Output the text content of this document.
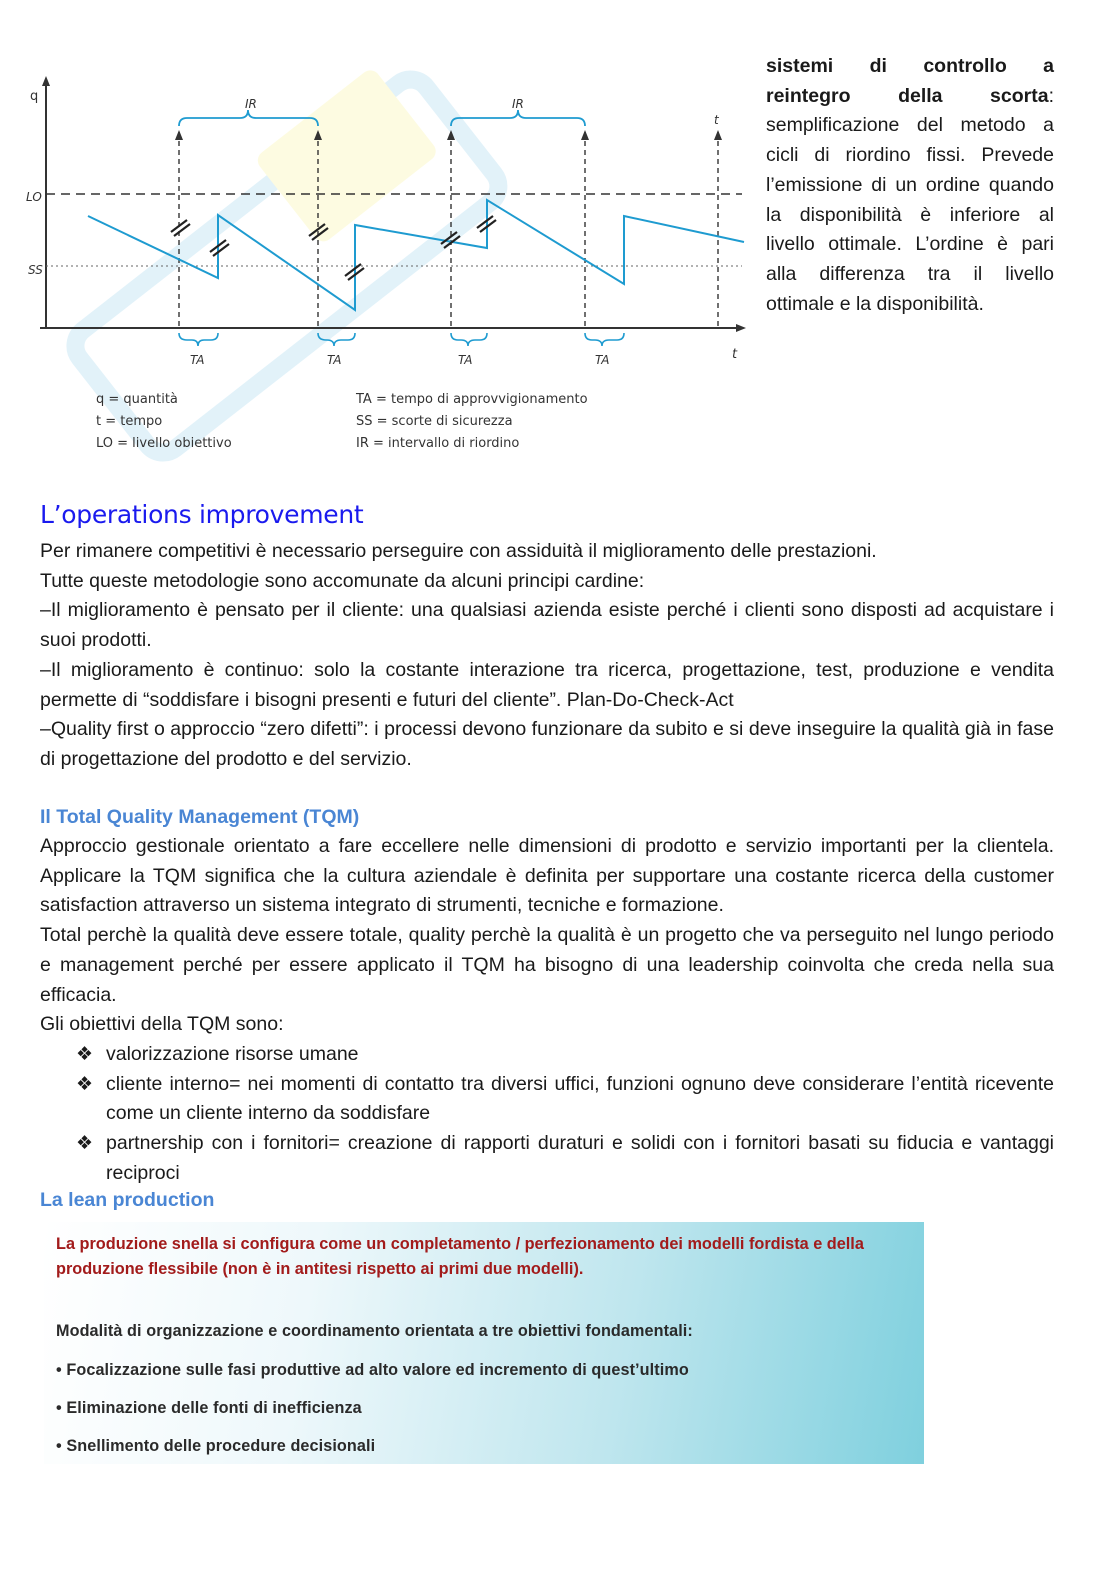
q
t
LO
SS
t
IR	IR
TA	TA	TA	TA
q = quantità
t = tempo
LO = livello obiettivo
TA = tempo di approvvigionamento
SS = scorte di sicurezza
IR = intervallo di riordino
sistemi di controllo a
reintegro della scorta:
semplificazione del metodo a cicli di riordino fissi. Prevede l’emissione di un ordine quando la disponibilità è inferiore al livello ottimale. L’ordine è pari alla differenza tra il livello ottimale e la disponibilità.
L’operations improvement

Per rimanere competitivi è necessario perseguire con assiduità il miglioramento delle prestazioni.

Tutte queste metodologie sono accomunate da alcuni principi cardine:

–Il miglioramento è pensato per il cliente: una qualsiasi azienda esiste perché i clienti sono disposti ad acquistare i suoi prodotti.

–Il miglioramento è continuo: solo la costante interazione tra ricerca, progettazione, test, produzione e vendita permette di “soddisfare i bisogni presenti e futuri del cliente”. Plan-Do-Check-Act

–Quality first o approccio “zero difetti”: i processi devono funzionare da subito e si deve inseguire la qualità già in fase di progettazione del prodotto e del servizio.

Il Total Quality Management (TQM)

Approccio gestionale orientato a fare eccellere nelle dimensioni di prodotto e servizio importanti per la clientela. Applicare la TQM significa che la cultura aziendale è definita per supportare una costante ricerca della customer satisfaction attraverso un sistema integrato di strumenti, tecniche e formazione.

Total perchè la qualità deve essere totale, quality perchè la qualità è un progetto che va perseguito nel lungo periodo e management perché per essere applicato il TQM ha bisogno di una leadership coinvolta che creda nella sua efficacia.

Gli obiettivi della TQM sono:

❖ valorizzazione risorse umane
❖ cliente interno= nei momenti di contatto tra diversi uffici, funzioni ognuno deve considerare l’entità ricevente come un cliente interno da soddisfare
❖ partnership con i fornitori= creazione di rapporti duraturi e solidi con i fornitori basati su fiducia e vantaggi reciproci
La lean production
La produzione snella si configura come un completamento / perfezionamento dei modelli fordista e della produzione flessibile (non è in antitesi rispetto ai primi due modelli).
Modalità di organizzazione e coordinamento orientata a tre obiettivi fondamentali:
• Focalizzazione sulle fasi produttive ad alto valore ed incremento di quest’ultimo
• Eliminazione delle fonti di inefficienza
• Snellimento delle procedure decisionali
